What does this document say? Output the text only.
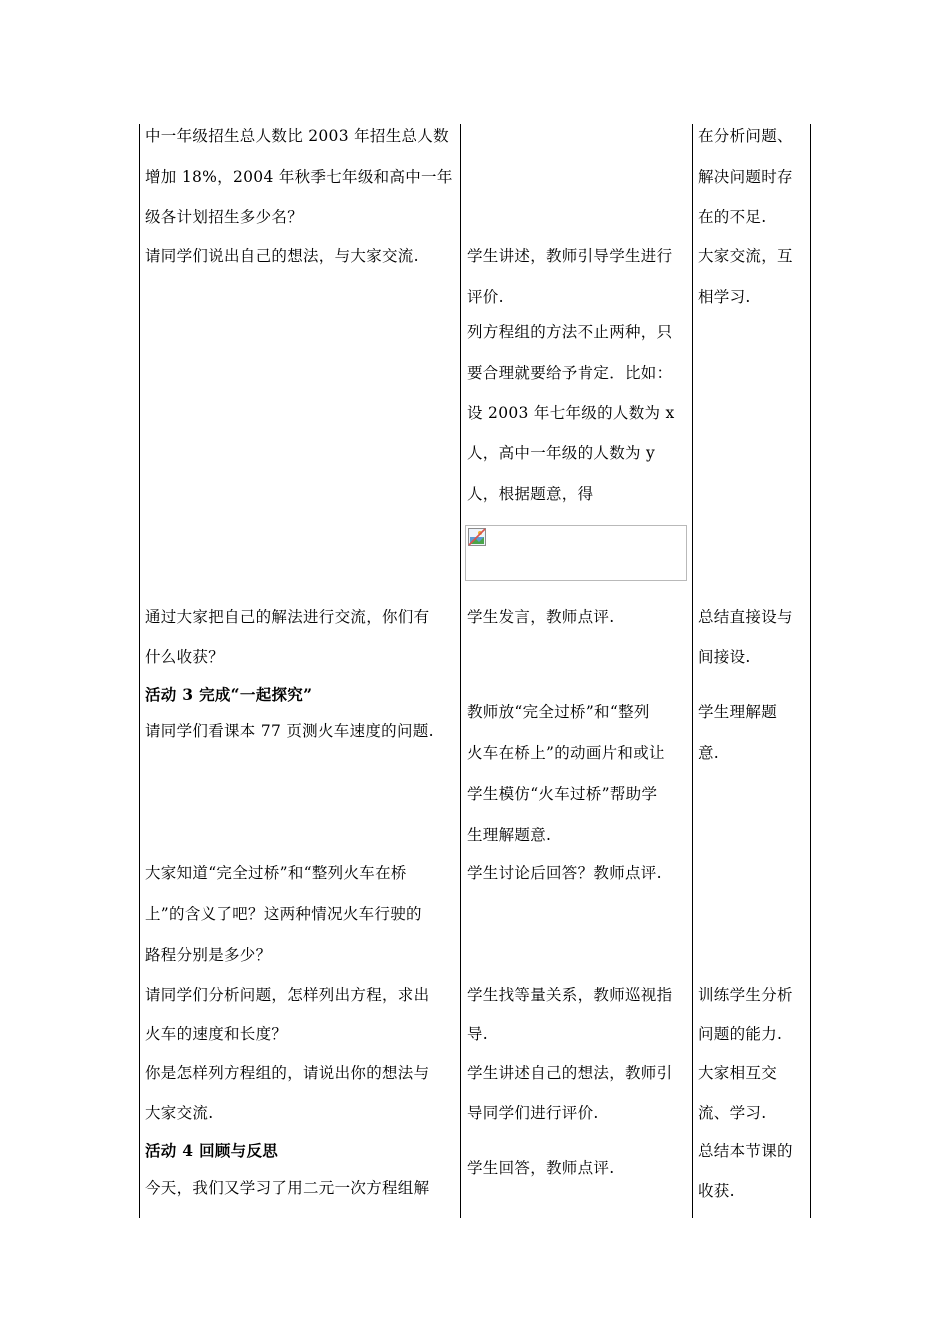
中一年级招生总人数比 2003 年招生总人数
增加 18%，2004 年秋季七年级和高中一年
级各计划招生多少名？
请同学们说出自己的想法，与大家交流.
通过大家把自己的解法进行交流，你们有
什么收获？
活动 3 完成“一起探究”
请同学们看课本 77 页测火车速度的问题.
大家知道“完全过桥”和“整列火车在桥
上”的含义了吧？这两种情况火车行驶的
路程分别是多少？
请同学们分析问题，怎样列出方程，求出
火车的速度和长度？
你是怎样列方程组的，请说出你的想法与
大家交流.
活动 4 回顾与反思
今天，我们又学习了用二元一次方程组解
学生讲述，教师引导学生进行
评价.
列方程组的方法不止两种，只
要合理就要给予肯定．比如：
设 2003 年七年级的人数为 x
人，高中一年级的人数为 y
人，根据题意，得
学生发言，教师点评.
教师放“完全过桥”和“整列
火车在桥上”的动画片和或让
学生模仿“火车过桥”帮助学
生理解题意.
学生讨论后回答？教师点评.
学生找等量关系，教师巡视指
导.
学生讲述自己的想法，教师引
导同学们进行评价.
学生回答，教师点评.
在分析问题、
解决问题时存
在的不足.
大家交流，互
相学习.
总结直接设与
间接设.
学生理解题
意.
训练学生分析
问题的能力.
大家相互交
流、学习.
总结本节课的
收获.
